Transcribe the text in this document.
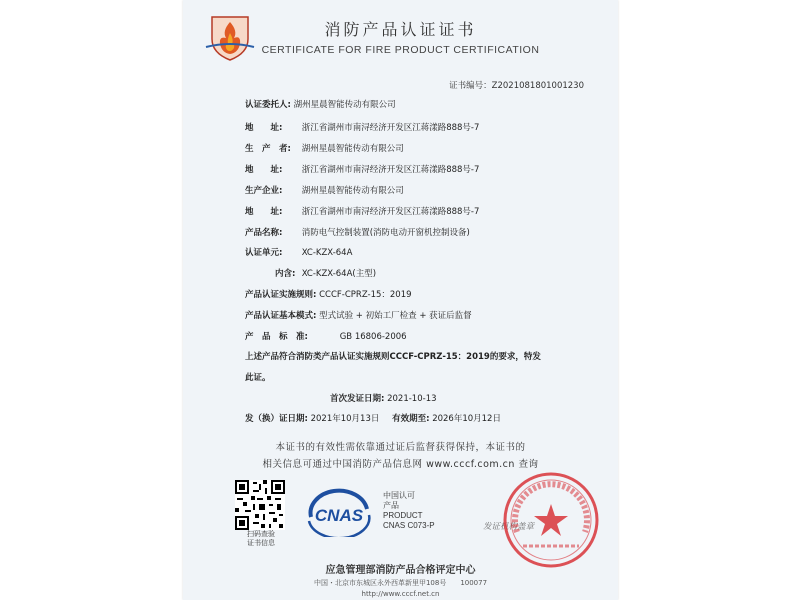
消防产品认证证书
CERTIFICATE FOR FIRE PRODUCT CERTIFICATION
证书编号：Z2021081801001230
认证委托人: 湖州星晨智能传动有限公司
地　　址: 浙江省湖州市南浔经济开发区江蒋漾路888号-7
生　产　者: 湖州星晨智能传动有限公司
地　　址: 浙江省湖州市南浔经济开发区江蒋漾路888号-7
生产企业: 湖州星晨智能传动有限公司
地　　址: 浙江省湖州市南浔经济开发区江蒋漾路888号-7
产品名称: 消防电气控制装置(消防电动开窗机控制设备)
认证单元: XC-KZX-64A
内含: XC-KZX-64A(主型)
产品认证实施规则: CCCF-CPRZ-15：2019
产品认证基本模式: 型式试验 + 初始工厂检查 + 获证后监督
产　品　标　准:	GB 16806-2006
上述产品符合消防类产品认证实施规则CCCF-CPRZ-15：2019的要求，特发
此证。
首次发证日期: 2021-10-13
发（换）证日期: 2021年10月13日 有效期至: 2026年10月12日
本证书的有效性需依靠通过证后监督获得保持，本证书的
相关信息可通过中国消防产品信息网 www.cccf.com.cn 查询
扫码查验
证书信息
CNAS
中国认可
产品
PRODUCT
CNAS C073-P	发证机构盖章
应急管理部消防产品合格评定中心
中国・北京市东城区永外西革新里甲108号　　100077
http://www.cccf.net.cn
